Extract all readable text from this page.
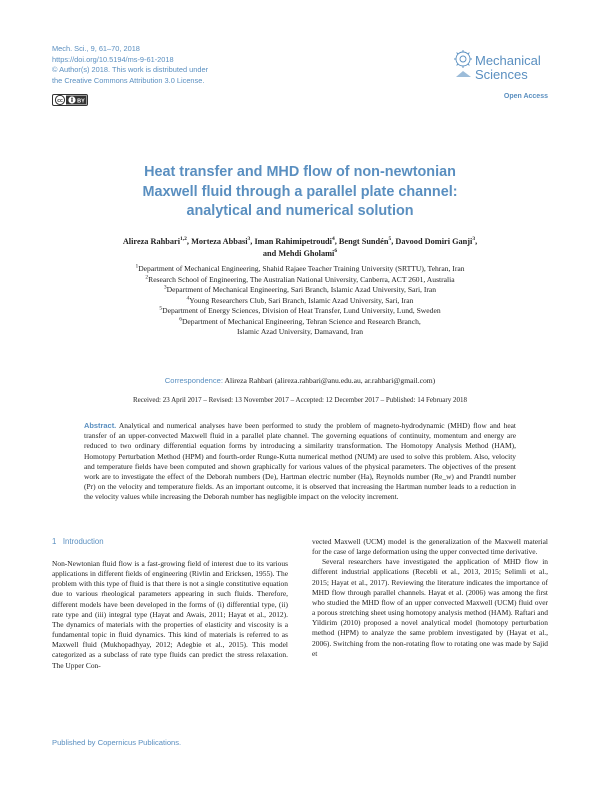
Mech. Sci., 9, 61–70, 2018
https://doi.org/10.5194/ms-9-61-2018
© Author(s) 2018. This work is distributed under
the Creative Commons Attribution 3.0 License.
cc	BY
Mechanical
Sciences
Open Access
Heat transfer and MHD flow of non-newtonian
Maxwell fluid through a parallel plate channel:
analytical and numerical solution
Alireza Rahbari$^{1,2}$, Morteza Abbasi$^3$, Iman Rahimipetroudi$^4$, Bengt Sundén$^5$, Davood Domiri Ganji$^3$,
and Mehdi Gholami$^6$
$^1$Department of Mechanical Engineering, Shahid Rajaee Teacher Training University (SRTTU), Tehran, Iran
$^2$Research School of Engineering, The Australian National University, Canberra, ACT 2601, Australia
$^3$Department of Mechanical Engineering, Sari Branch, Islamic Azad University, Sari, Iran
$^4$Young Researchers Club, Sari Branch, Islamic Azad University, Sari, Iran
$^5$Department of Energy Sciences, Division of Heat Transfer, Lund University, Lund, Sweden
$^6$Department of Mechanical Engineering, Tehran Science and Research Branch,
Islamic Azad University, Damavand, Iran
Correspondence: Alireza Rahbari (alireza.rahbari@anu.edu.au, ar.rahbari@gmail.com)
Received: 23 April 2017 – Revised: 13 November 2017 – Accepted: 12 December 2017 – Published: 14 February 2018
Abstract. Analytical and numerical analyses have been performed to study the problem of magneto-hydrodynamic (MHD) flow and heat transfer of an upper-convected Maxwell fluid in a parallel plate channel. The governing equations of continuity, momentum and energy are reduced to two ordinary differential equation forms by introducing a similarity transformation. The Homotopy Analysis Method (HAM), Homotopy Perturbation Method (HPM) and fourth-order Runge-Kutta numerical method (NUM) are used to solve this problem. Also, velocity and temperature fields have been computed and shown graphically for various values of the physical parameters. The objectives of the present work are to investigate the effect of the Deborah numbers (De), Hartman electric number (Ha), Reynolds number (Re_w) and Prandtl number (Pr) on the velocity and temperature fields. As an important outcome, it is observed that increasing the Hartman number leads to a reduction in the velocity values while increasing the Deborah number has negligible impact on the velocity increment.
1 Introduction

Non-Newtonian fluid flow is a fast-growing field of interest due to its various applications in different fields of engineering (Rivlin and Ericksen, 1955). The problem with this type of fluid is that there is not a single constitutive equation due to various rheological parameters appearing in such fluids. Therefore, different models have been developed in the forms of (i) differential type, (ii) rate type and (iii) integral type (Hayat and Awais, 2011; Hayat et al., 2012). The dynamics of materials with the properties of elasticity and viscosity is a fundamental topic in fluid dynamics. This kind of materials is referred to as Maxwell fluid (Mukhopadhyay, 2012; Adegbie et al., 2015). This model categorized as a subclass of rate type fluids can predict the stress relaxation. The Upper Con-

vected Maxwell (UCM) model is the generalization of the Maxwell material for the case of large deformation using the upper convected time derivative.

Several researchers have investigated the application of MHD flow in different industrial applications (Recebli et al., 2013, 2015; Selimli et al., 2015; Hayat et al., 2017). Reviewing the literature indicates the importance of MHD flow through parallel channels. Hayat et al. (2006) was among the first who studied the MHD flow of an upper convected Maxwell (UCM) fluid over a porous stretching sheet using homotopy analysis method (HAM). Raftari and Yildirim (2010) proposed a novel analytical model (homotopy perturbation method (HPM) to analyze the same problem investigated by (Hayat et al., 2006). Switching from the non-rotating flow to rotating one was made by Sajid et

Published by Copernicus Publications.
